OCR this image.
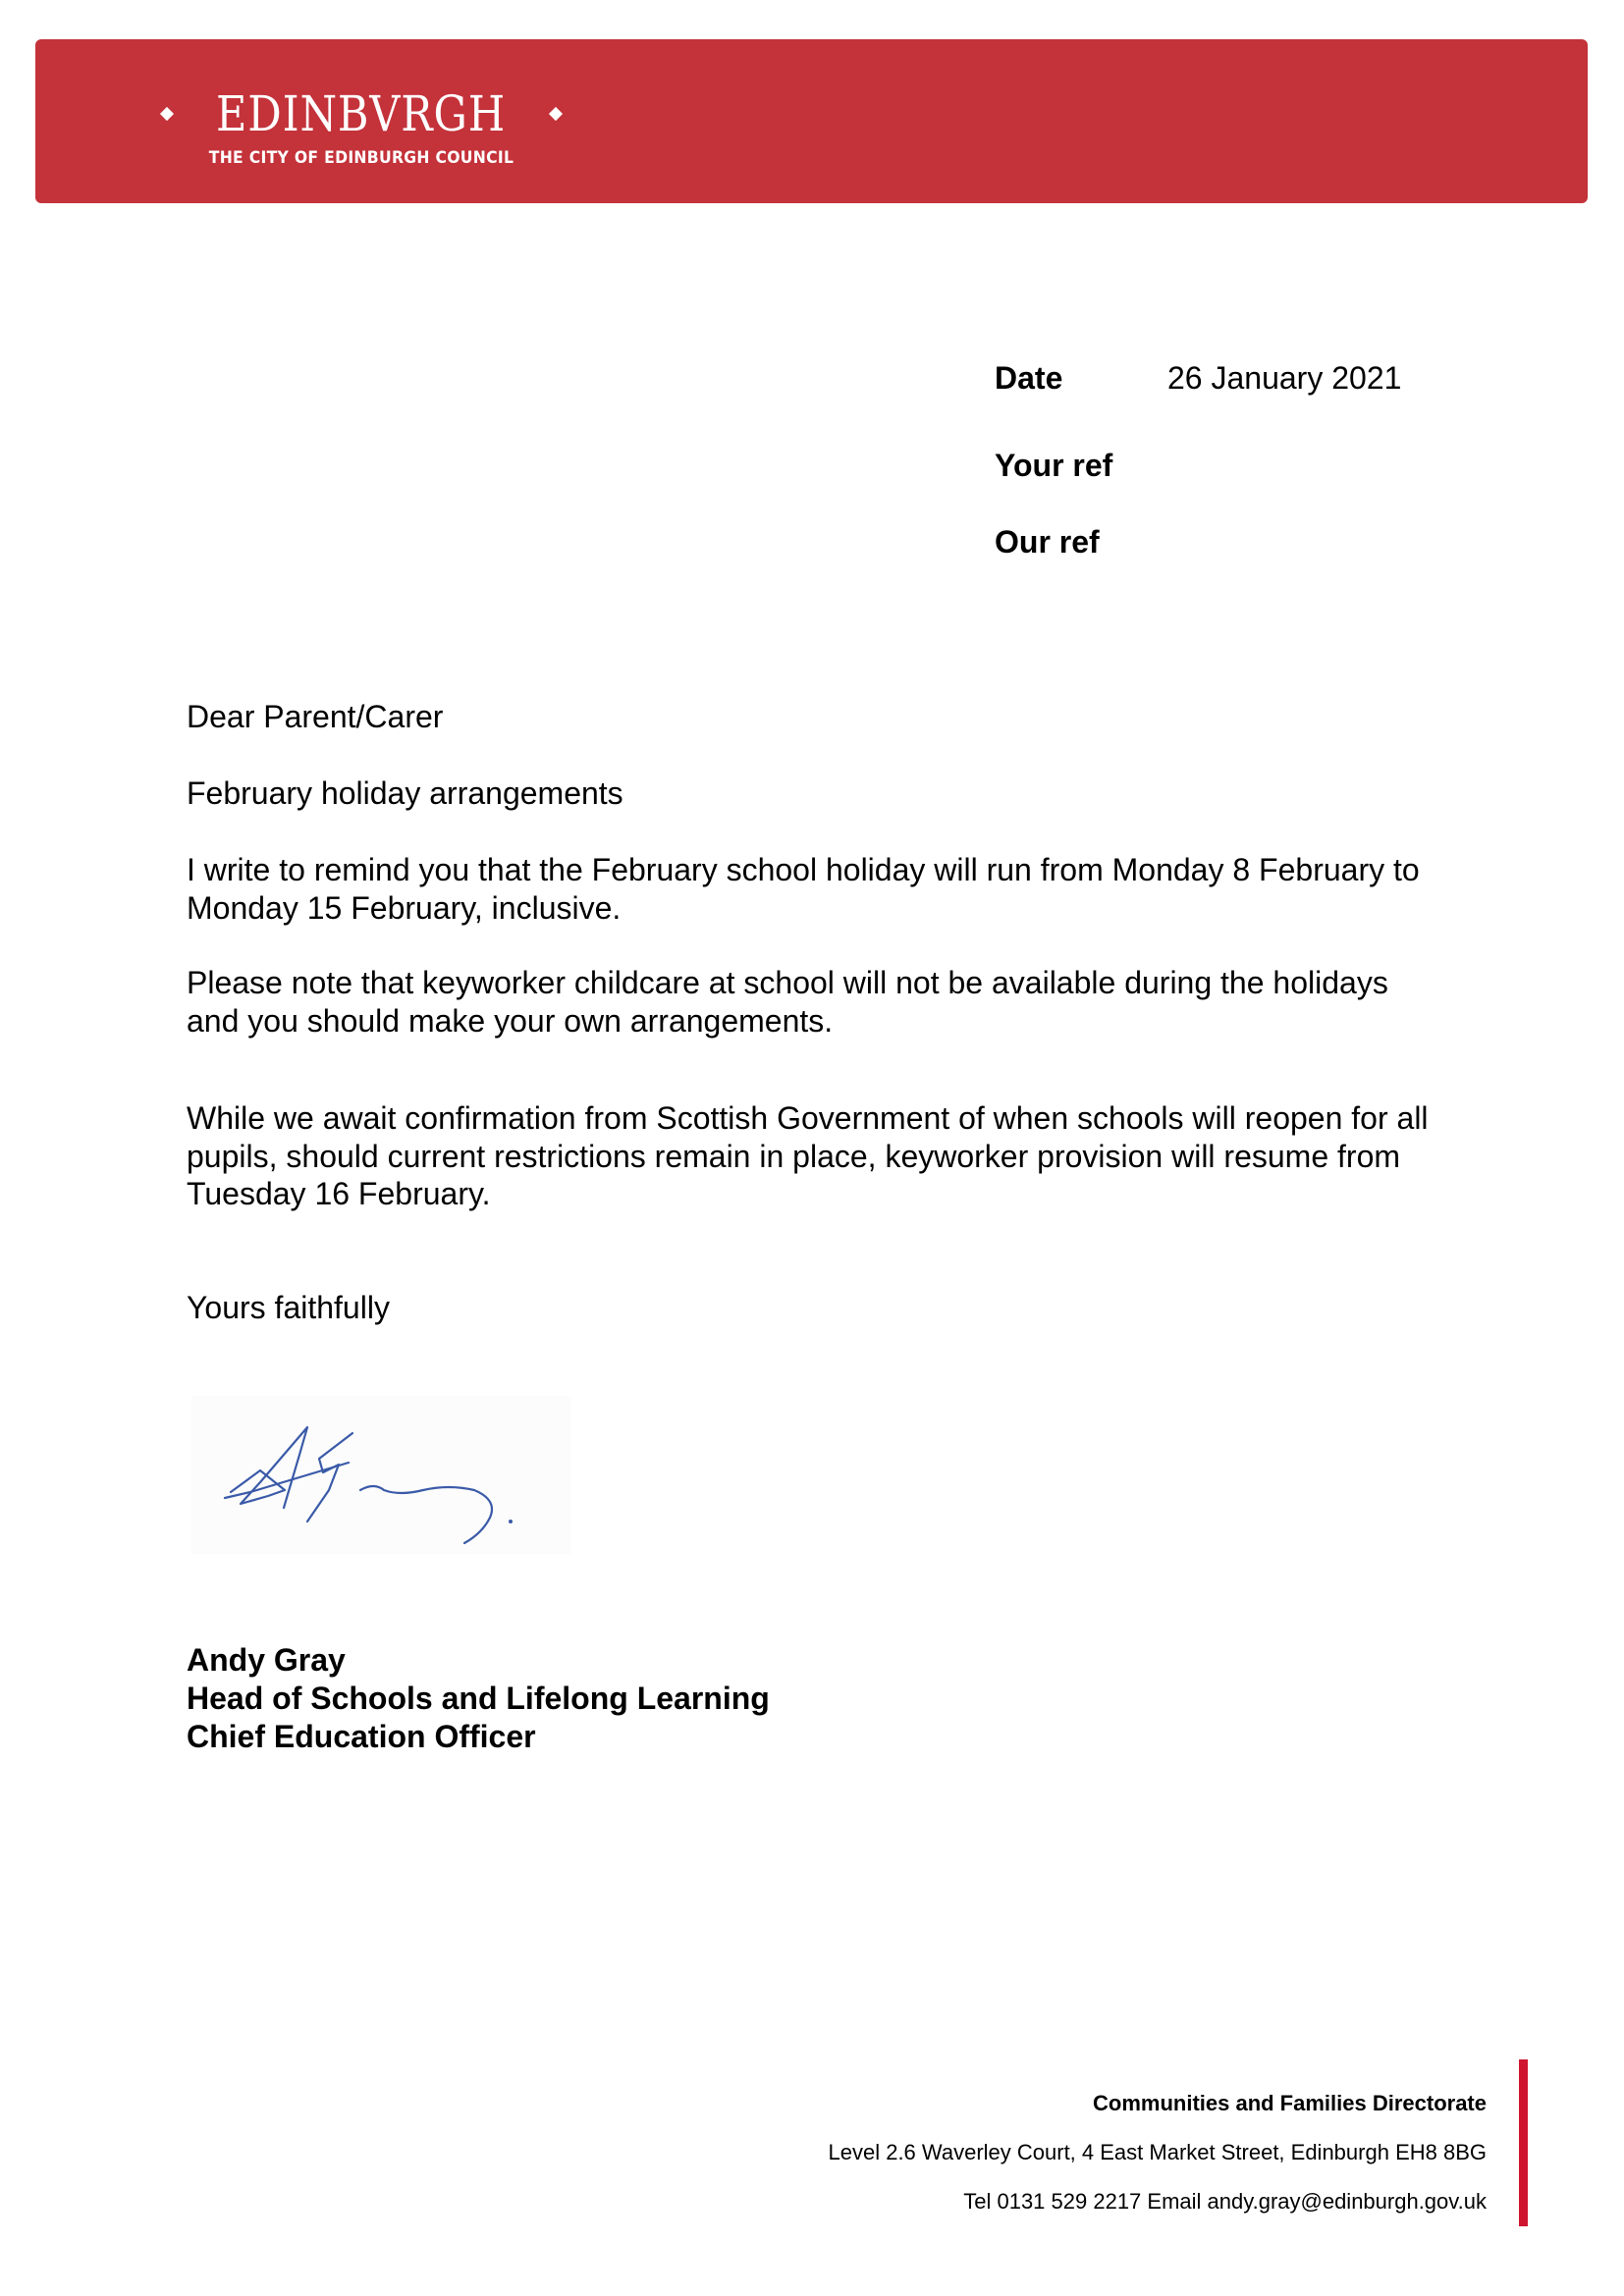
EDINBVRGH
THE CITY OF EDINBURGH COUNCIL
Date	26 January 2021
Your ref
Our ref
Dear Parent/Carer
February holiday arrangements
I write to remind you that the February school holiday will run from Monday 8 February to
Monday 15 February, inclusive.
Please note that keyworker childcare at school will not be available during the holidays
and you should make your own arrangements.
While we await confirmation from Scottish Government of when schools will reopen for all
pupils, should current restrictions remain in place, keyworker provision will resume from
Tuesday 16 February.
Yours faithfully
Andy Gray
Head of Schools and Lifelong Learning
Chief Education Officer
Communities and Families Directorate
Level 2.6 Waverley Court, 4 East Market Street, Edinburgh EH8 8BG
Tel 0131 529 2217 Email andy.gray@edinburgh.gov.uk
